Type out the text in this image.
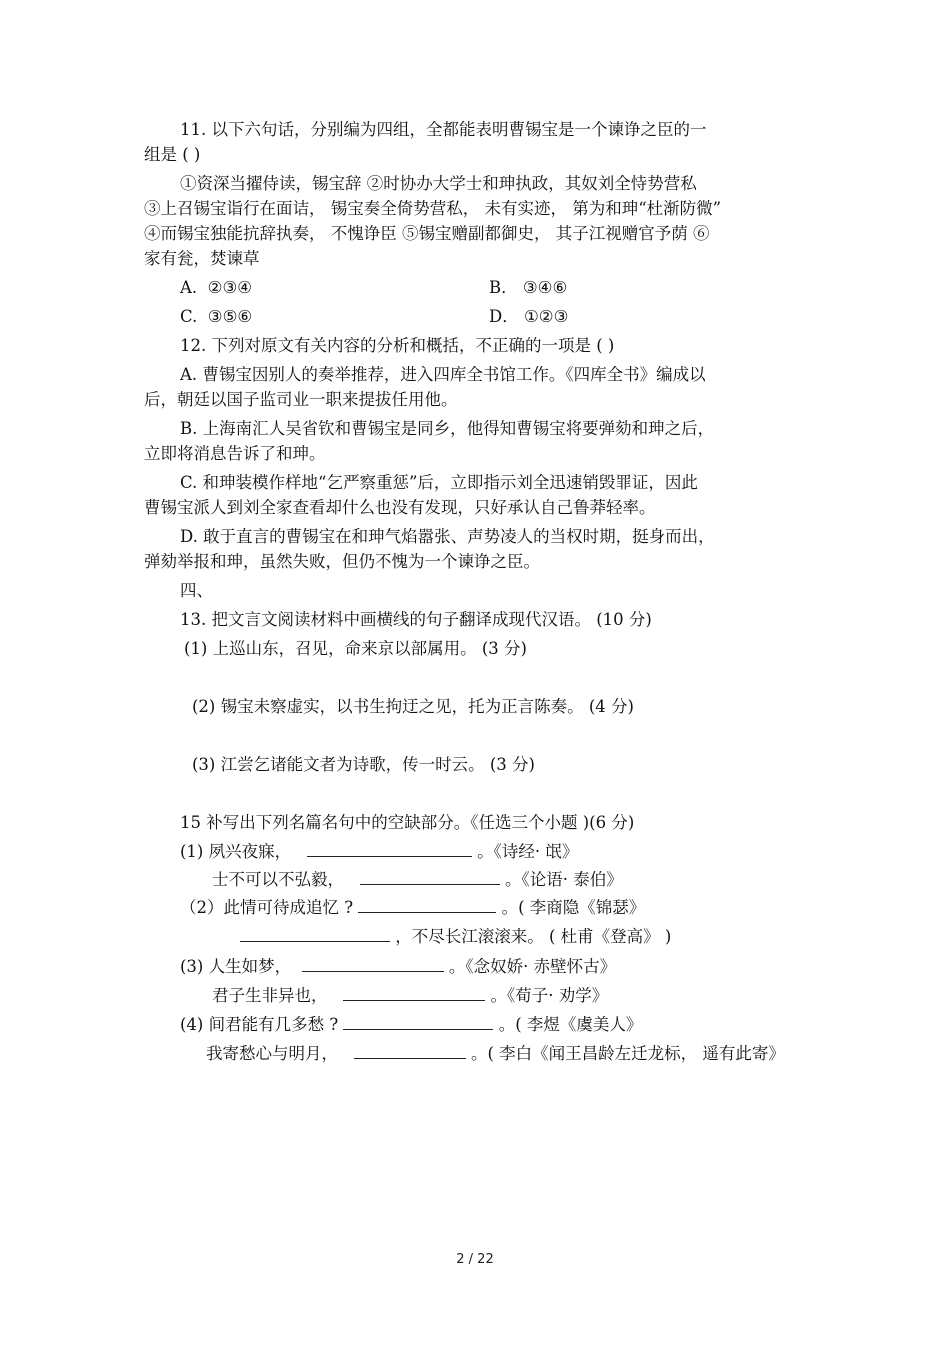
11. 以下六句话，分别编为四组，全都能表明曹锡宝是一个谏诤之臣的一
组是 ( )
①资深当擢侍读，锡宝辞 ②时协办大学士和珅执政，其奴刘全恃势营私
③上召锡宝诣行在面诘， 锡宝奏全倚势营私， 未有实迹， 第为和珅“杜渐防微”
④而锡宝独能抗辞执奏， 不愧诤臣 ⑤锡宝赠副都御史， 其子江视赠官予荫 ⑥
家有瓮，焚谏草
A. ②③④	B． ③④⑥
C. ③⑤⑥	D． ①②③
12. 下列对原文有关内容的分析和概括，不正确的一项是 ( )
A. 曹锡宝因别人的奏举推荐，进入四库全书馆工作。《四库全书》编成以
后，朝廷以国子监司业一职来提拔任用他。
B. 上海南汇人吴省钦和曹锡宝是同乡，他得知曹锡宝将要弹劾和珅之后，
立即将消息告诉了和珅。
C. 和珅装模作样地“乞严察重惩”后，立即指示刘全迅速销毁罪证，因此
曹锡宝派人到刘全家查看却什么也没有发现，只好承认自己鲁莽轻率。
D. 敢于直言的曹锡宝在和珅气焰嚣张、声势凌人的当权时期，挺身而出，
弹劾举报和珅，虽然失败，但仍不愧为一个谏诤之臣。
四、
13. 把文言文阅读材料中画横线的句子翻译成现代汉语。 (10 分)
(1) 上巡山东，召见，命来京以部属用。 (3 分)
(2) 锡宝未察虚实，以书生拘迂之见，托为正言陈奏。 (4 分)
(3) 江尝乞诸能文者为诗歌，传一时云。 (3 分)
15 补写出下列名篇名句中的空缺部分。《任选三个小题 )(6 分)
(1) 夙兴夜寐，	。《诗经· 氓》
士不可以不弘毅，	。《论语· 泰伯》
（2）此情可待成追忆 ?	。( 李商隐《锦瑟》
，不尽长江滚滚来。 ( 杜甫《登高》 )
(3) 人生如梦，	。《念奴娇· 赤壁怀古》
君子生非异也，	。《荀子· 劝学》
(4) 间君能有几多愁 ?	。( 李煜《虞美人》
我寄愁心与明月，	。( 李白《闻王昌龄左迁龙标， 遥有此寄》
2 / 22
